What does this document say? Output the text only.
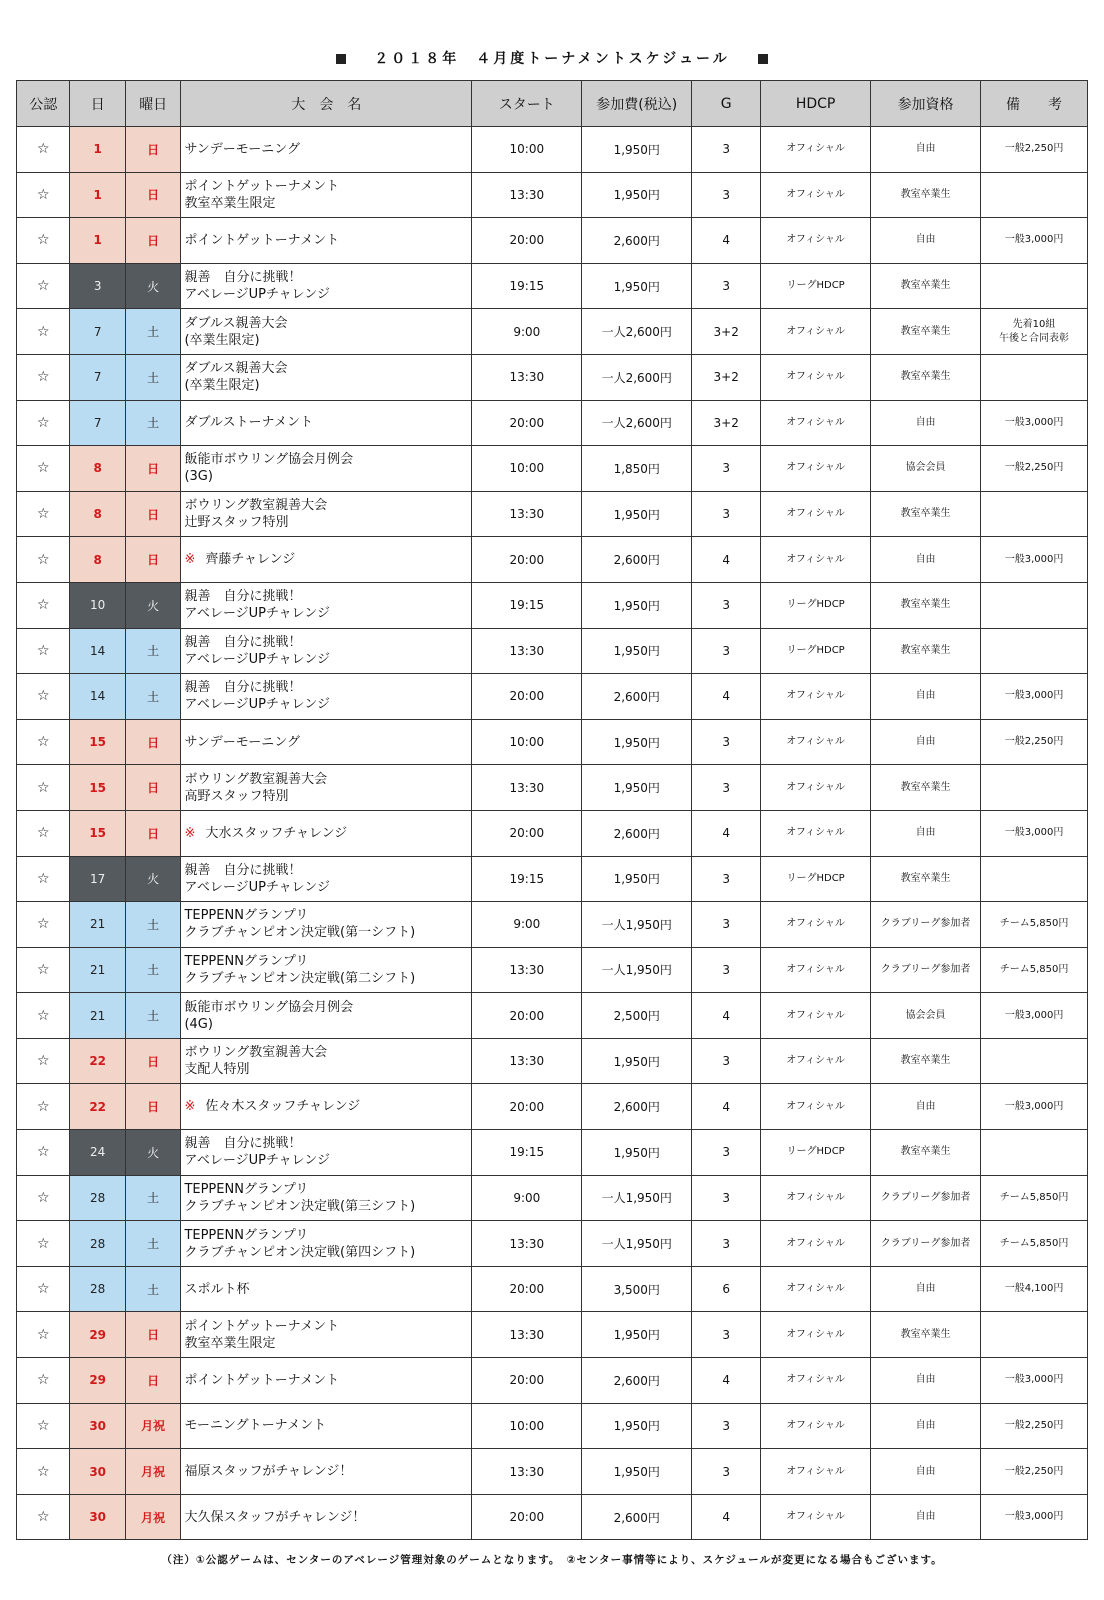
２０１８年　４月度トーナメントスケジュール
公認	日	曜日	大　会　名	スタート	参加費(税込)	G	HDCP	参加資格	備　　考
☆	1	日	サンデーモーニング	10:00	1,950円	3	オフィシャル	自由	一般2,250円
☆	1	日	ポイントゲットーナメント
教室卒業生限定	13:30	1,950円	3	オフィシャル	教室卒業生	
☆	1	日	ポイントゲットーナメント	20:00	2,600円	4	オフィシャル	自由	一般3,000円
☆	3	火	親善　自分に挑戦！
アベレージUPチャレンジ	19:15	1,950円	3	リーグHDCP	教室卒業生	
☆	7	土	ダブルス親善大会
(卒業生限定)	9:00	一人2,600円	3+2	オフィシャル	教室卒業生	先着10組
午後と合同表彰
☆	7	土	ダブルス親善大会
(卒業生限定)	13:30	一人2,600円	3+2	オフィシャル	教室卒業生	
☆	7	土	ダブルストーナメント	20:00	一人2,600円	3+2	オフィシャル	自由	一般3,000円
☆	8	日	飯能市ボウリング協会月例会
(3G)	10:00	1,850円	3	オフィシャル	協会会員	一般2,250円
☆	8	日	ボウリング教室親善大会
辻野スタッフ特別	13:30	1,950円	3	オフィシャル	教室卒業生	
☆	8	日	※ 齊藤チャレンジ	20:00	2,600円	4	オフィシャル	自由	一般3,000円
☆	10	火	親善　自分に挑戦！
アベレージUPチャレンジ	19:15	1,950円	3	リーグHDCP	教室卒業生	
☆	14	土	親善　自分に挑戦！
アベレージUPチャレンジ	13:30	1,950円	3	リーグHDCP	教室卒業生	
☆	14	土	親善　自分に挑戦！
アベレージUPチャレンジ	20:00	2,600円	4	オフィシャル	自由	一般3,000円
☆	15	日	サンデーモーニング	10:00	1,950円	3	オフィシャル	自由	一般2,250円
☆	15	日	ボウリング教室親善大会
高野スタッフ特別	13:30	1,950円	3	オフィシャル	教室卒業生	
☆	15	日	※ 大水スタッフチャレンジ	20:00	2,600円	4	オフィシャル	自由	一般3,000円
☆	17	火	親善　自分に挑戦！
アベレージUPチャレンジ	19:15	1,950円	3	リーグHDCP	教室卒業生	
☆	21	土	TEPPENNグランプリ
クラブチャンピオン決定戦(第一シフト)	9:00	一人1,950円	3	オフィシャル	クラブリーグ参加者	チーム5,850円
☆	21	土	TEPPENNグランプリ
クラブチャンピオン決定戦(第二シフト)	13:30	一人1,950円	3	オフィシャル	クラブリーグ参加者	チーム5,850円
☆	21	土	飯能市ボウリング協会月例会
(4G)	20:00	2,500円	4	オフィシャル	協会会員	一般3,000円
☆	22	日	ボウリング教室親善大会
支配人特別	13:30	1,950円	3	オフィシャル	教室卒業生	
☆	22	日	※ 佐々木スタッフチャレンジ	20:00	2,600円	4	オフィシャル	自由	一般3,000円
☆	24	火	親善　自分に挑戦！
アベレージUPチャレンジ	19:15	1,950円	3	リーグHDCP	教室卒業生	
☆	28	土	TEPPENNグランプリ
クラブチャンピオン決定戦(第三シフト)	9:00	一人1,950円	3	オフィシャル	クラブリーグ参加者	チーム5,850円
☆	28	土	TEPPENNグランプリ
クラブチャンピオン決定戦(第四シフト)	13:30	一人1,950円	3	オフィシャル	クラブリーグ参加者	チーム5,850円
☆	28	土	スポルト杯	20:00	3,500円	6	オフィシャル	自由	一般4,100円
☆	29	日	ポイントゲットーナメント
教室卒業生限定	13:30	1,950円	3	オフィシャル	教室卒業生	
☆	29	日	ポイントゲットーナメント	20:00	2,600円	4	オフィシャル	自由	一般3,000円
☆	30	月祝	モーニングトーナメント	10:00	1,950円	3	オフィシャル	自由	一般2,250円
☆	30	月祝	福原スタッフがチャレンジ！	13:30	1,950円	3	オフィシャル	自由	一般2,250円
☆	30	月祝	大久保スタッフがチャレンジ！	20:00	2,600円	4	オフィシャル	自由	一般3,000円
（注）①公認ゲームは、センターのアベレージ管理対象のゲームとなります。　②センター事情等により、スケジュールが変更になる場合もございます。
